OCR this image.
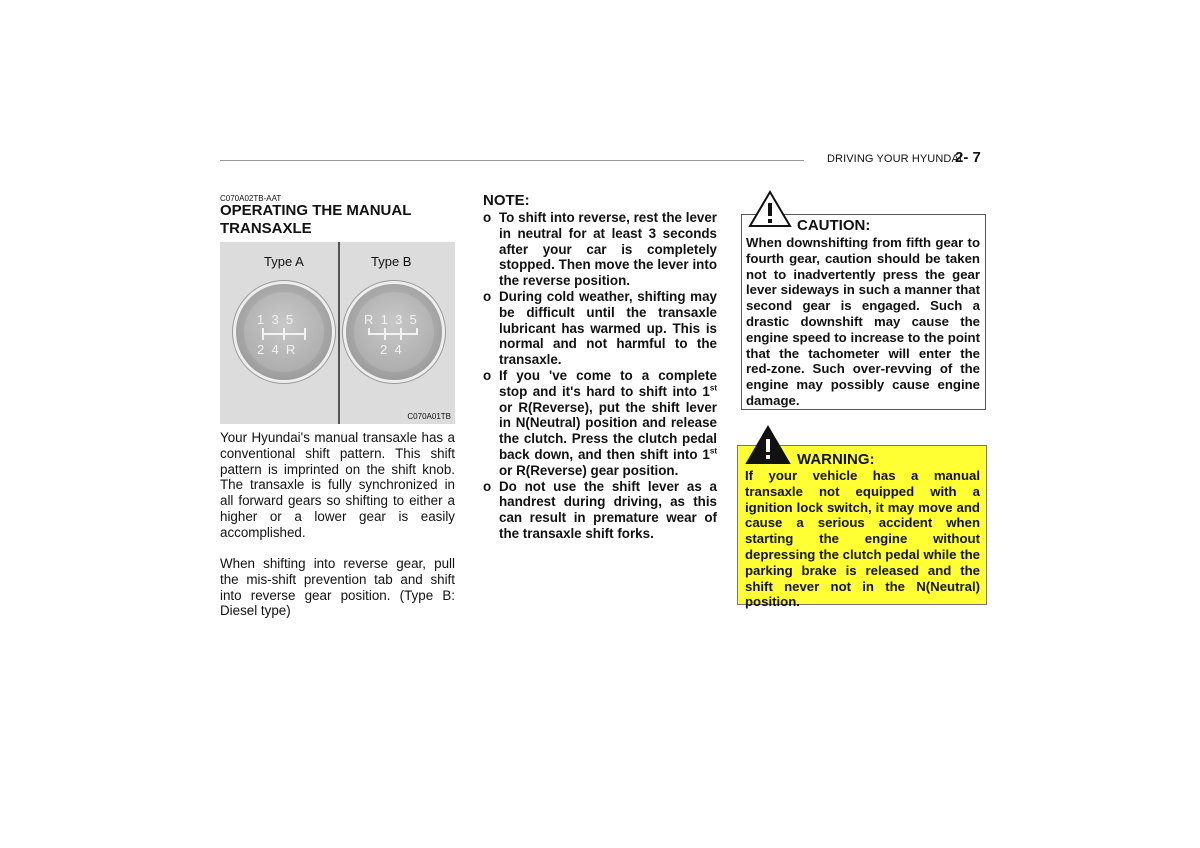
DRIVING YOUR HYUNDAI
2- 7
C070A02TB-AAT
OPERATING THE MANUAL TRANSAXLE
Type A	Type B
1  3  5
2  4  R
R  1  3  5
2  4
C070A01TB
Your Hyundai's manual transaxle has a conventional shift pattern. This shift pattern is imprinted on the shift knob. The transaxle is fully synchronized in all forward gears so shifting to either a higher or a lower gear is easily accomplished.
When shifting into reverse gear, pull the mis-shift prevention tab and shift into reverse gear position. (Type B: Diesel type)
NOTE:
o To shift into reverse, rest the lever in neutral for at least 3 seconds after your car is completely stopped. Then move the lever into the reverse position.
o During cold weather, shifting may be difficult until the transaxle lubricant has warmed up. This is normal and not harmful to the transaxle.
o If you 've come to a complete stop and it's hard to shift into 1st or R(Reverse), put the shift lever in N(Neutral) position and release the clutch. Press the clutch pedal back down, and then shift into 1st or R(Reverse) gear position.
o Do not use the shift lever as a handrest during driving, as this can result in premature wear of the transaxle shift forks.
CAUTION:
When downshifting from fifth gear to fourth gear, caution should be taken not to inadvertently press the gear lever sideways in such a manner that second gear is engaged. Such a drastic downshift may cause the engine speed to increase to the point that the tachometer will enter the red-zone. Such over-revving of the engine may possibly cause engine damage.
WARNING:
If your vehicle has a manual transaxle not equipped with a ignition lock switch, it may move and cause a serious accident when starting the engine without depressing the clutch pedal while the parking brake is released and the shift never not in the N(Neutral) position.
